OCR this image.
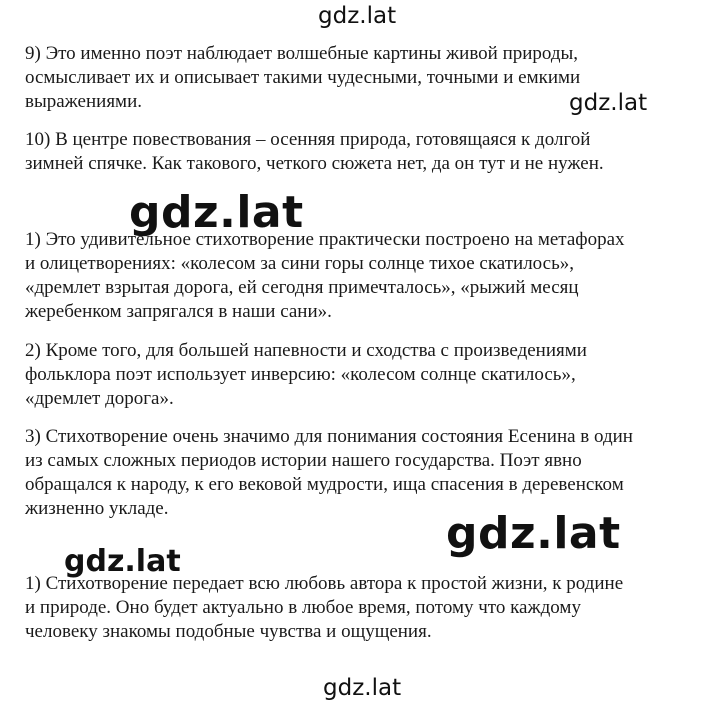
gdz.lat
gdz.lat
gdz.lat
gdz.lat
gdz.lat
gdz.lat

9) Это именно поэт наблюдает волшебные картины живой природы,
осмысливает их и описывает такими чудесными, точными и емкими
выражениями.

10) В центре повествования – осенняя природа, готовящаяся к долгой
зимней спячке. Как такового, четкого сюжета нет, да он тут и не нужен.

1) Это удивительное стихотворение практически построено на метафорах
и олицетворениях: «колесом за сини горы солнце тихое скатилось»,
«дремлет взрытая дорога, ей сегодня примечталось», «рыжий месяц
жеребенком запрягался в наши сани».

2) Кроме того, для большей напевности и сходства с произведениями
фольклора поэт использует инверсию: «колесом солнце скатилось»,
«дремлет дорога».

3) Стихотворение очень значимо для понимания состояния Есенина в один
из самых сложных периодов истории нашего государства. Поэт явно
обращался к народу, к его вековой мудрости, ища спасения в деревенском
жизненно укладе.

1) Стихотворение передает всю любовь автора к простой жизни, к родине
и природе. Оно будет актуально в любое время, потому что каждому
человеку знакомы подобные чувства и ощущения.
